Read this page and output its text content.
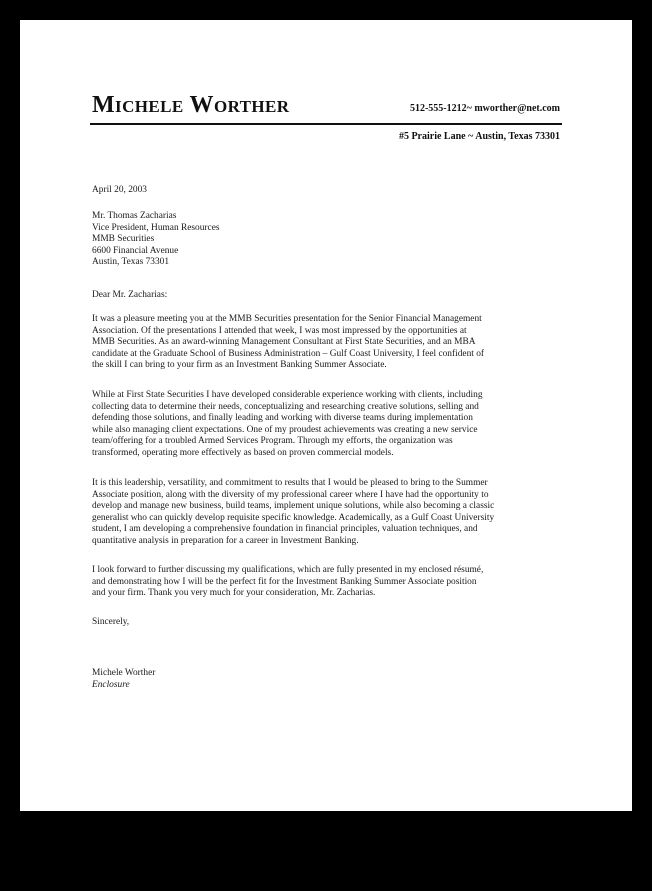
Michele Worther	512-555-1212~ mworther@net.com
#5 Prairie Lane ~ Austin, Texas 73301
April 20, 2003
Mr. Thomas Zacharias
Vice President, Human Resources
MMB Securities
6600 Financial Avenue
Austin, Texas 73301
Dear Mr. Zacharias:
It was a pleasure meeting you at the MMB Securities presentation for the Senior Financial Management
Association. Of the presentations I attended that week, I was most impressed by the opportunities at
MMB Securities. As an award-winning Management Consultant at First State Securities, and an MBA
candidate at the Graduate School of Business Administration – Gulf Coast University, I feel confident of
the skill I can bring to your firm as an Investment Banking Summer Associate.
While at First State Securities I have developed considerable experience working with clients, including
collecting data to determine their needs, conceptualizing and researching creative solutions, selling and
defending those solutions, and finally leading and working with diverse teams during implementation
while also managing client expectations. One of my proudest achievements was creating a new service
team/offering for a troubled Armed Services Program. Through my efforts, the organization was
transformed, operating more effectively as based on proven commercial models.
It is this leadership, versatility, and commitment to results that I would be pleased to bring to the Summer
Associate position, along with the diversity of my professional career where I have had the opportunity to
develop and manage new business, build teams, implement unique solutions, while also becoming a classic
generalist who can quickly develop requisite specific knowledge. Academically, as a Gulf Coast University
student, I am developing a comprehensive foundation in financial principles, valuation techniques, and
quantitative analysis in preparation for a career in Investment Banking.
I look forward to further discussing my qualifications, which are fully presented in my enclosed résumé,
and demonstrating how I will be the perfect fit for the Investment Banking Summer Associate position
and your firm. Thank you very much for your consideration, Mr. Zacharias.
Sincerely,
Michele Worther
Enclosure
